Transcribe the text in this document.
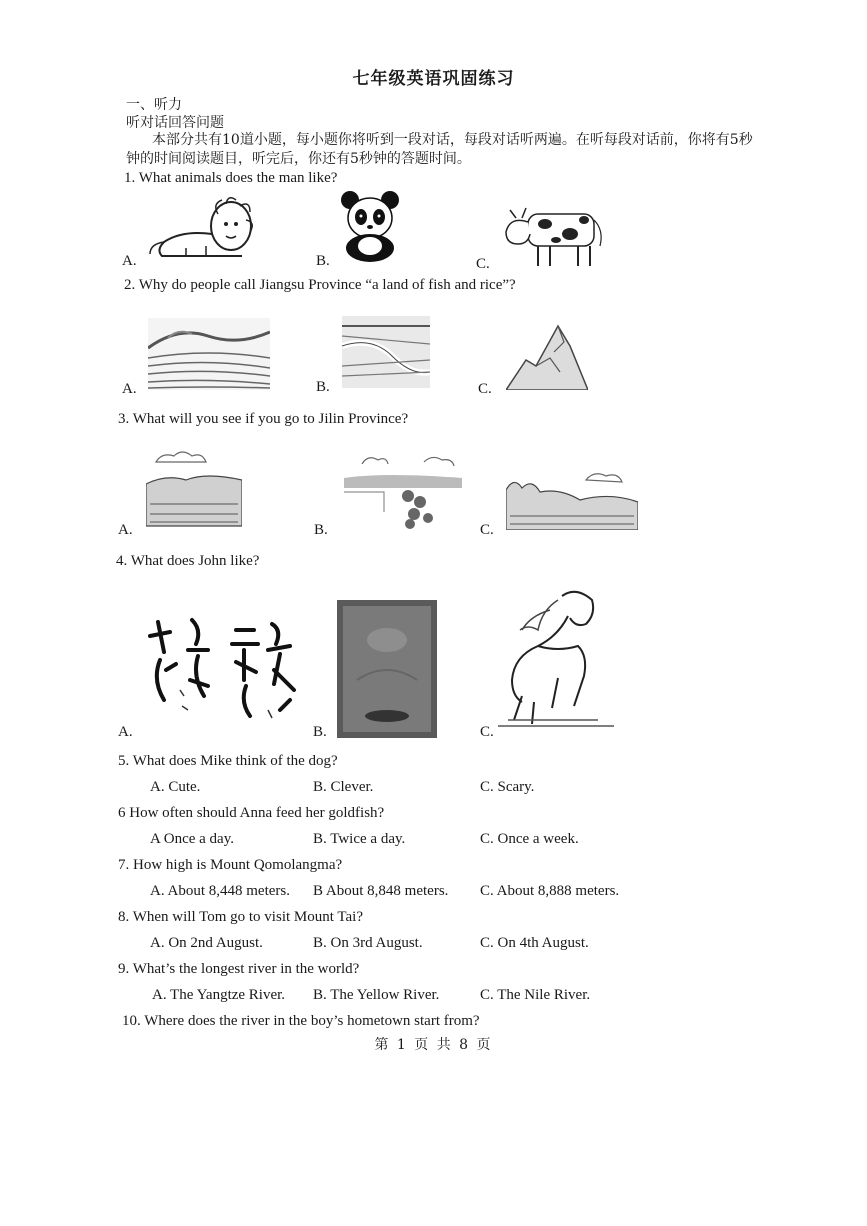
七年级英语巩固练习
一、听力
听对话回答问题
本部分共有10道小题，每小题你将听到一段对话，每段对话听两遍。在听每段对话前，你将有5秒钟的时间阅读题目，听完后，你还有5秒钟的答题时间。
1. What animals does the man like?
A.	B.	C.
2. Why do people call Jiangsu Province “a land of fish and rice”?
A.	B.	C.
3. What will you see if you go to Jilin Province?
A.	B.	C.
4. What does John like?
A.	B.	C.
5. What does Mike think of the dog?
A. Cute.	B. Clever.	C. Scary.
6 How often should Anna feed her goldfish?
A Once a day.	B. Twice a day.	C. Once a week.
7. How high is Mount Qomolangma?
A. About 8,448 meters. B About 8,848 meters. C. About 8,888 meters.
8. When will Tom go to visit Mount Tai?
A. On 2nd August.	B. On 3rd August.	C. On 4th August.
9. What’s the longest river in the world?
A. The Yangtze River. B. The Yellow River.	C. The Nile River.
10. Where does the river in the boy’s hometown start from?
第 1 页 共 8 页
